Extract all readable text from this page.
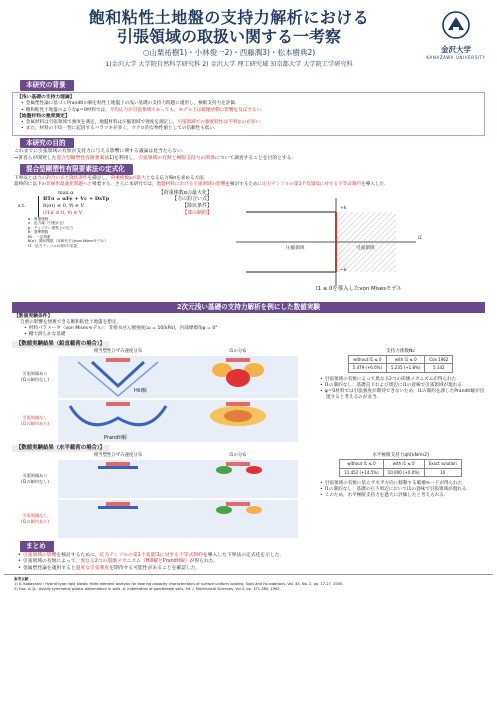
飽和粘性土地盤の支持力解析における
引張領域の取扱い関する一考察
○山栗祐樹1)・小林俊一2)・西藤潤3)・松本樹典2)
1)金沢大学 大学院自然科学研究科 2) 金沢大学 理工研究域 3)京都大学 大学院工学研究科
金沢大学
KANAZAWA UNIVERSITY
本研究の背景
【浅い基礎の支持力理論】
• 金属塑性論に基づくPrandtlの解を粘性土地盤上の浅い基礎の支持力問題に適用し，極限支持力を評価．
• 飽和粘性土地盤のようなφ＝0材料では，平均応力が引張領域であっても，モデル上は破壊挙動に影響を及ぼさない．
【地盤材料の強度測定】
• 金属材料は引張領域で強度を測定，地盤材料は圧縮領域で強度を測定し，引張領域での強度特性は不明なのが多い．
• また，材料の不均一性に起因するバラツキが多く，マクロ的な物性値としての信頼性も低い．
本研究の目的
これまでに引張領域の有無が支持力に与える影響に関する議論は見当たらない．
⇒著者らが開発した混合型剛塑性有限要素法1)を利用し，引張領域の有無と極限支持力の関係について調査することを目的とする．
混合型剛塑性有限要素法の定式化
下界法とは力の釣合い式と降伏条件を満足し，荷重係数αが最大となる応力場σを求める方法．
最終的に以下の非線形最適化問題へと帰着する．さらに本研究では，地盤材料における引張領域の影響を検討するために応力テンソルの第1不変量I1に対する不等式制約を導入した．
max α	【荷重係数αの最大化】
s.t.
BTσ = αFe + Vc + DsTp	【力の釣合い式】
fi(σi) ≤ 0, ∀i ∈ V	【降伏条件】
(I1)i ≤ 0, ∀i ∈ V	【I1の制約】
α：荷重係数
σ：応力場（引張が正）
p：ディリクレ境界上の反力
fi：基準関数
Fe：一定荷重
fi(σ)：降伏関数（本研究ではvon Misesモデル）
I1：応力テンソルの第1不変量
+k
−k
圧縮領域	引張領域
I1
I1 ≤ 0を導入したvon Misesモデル
2次元浅い基礎の支持力解析を例にした数値実験
【数値実験条件】
自重の影響を無視できる飽和粘性土地盤を想定，
• 材料パラメータ（von Misesモデル）：非排水せん断強度cu = 10[kPa]，内部摩擦角φ = 0°
• 剛で滑らかな基礎
【数値実験結果（鉛直載荷の場合）】
相当塑性ひずみ速度分布	I1の分布
引張領域あり
(I1の制約なし)
Hill解
引張領域なし
(I1の制約あり)
Prandtl解
支持力係数Nc
without I1 ≤ 0	with I1 ≤ 0	Cox 1962
5.479 (+6.6%)	5.235 (+1.8%)	5.142
• 引張領域の有無によって異なる2つの崩壊メカニズムが得られた．
• I1の制約なし：基礎直下および周辺にI1の意味で引張領域が現れる．
• φ＝0材料では引張強度が期待できないため，I1の制約を課したPrandtl解が出現すると考えるのが妥当．
【数値実験結果（水平載荷の場合）】
相当塑性ひずみ速度分布	I1の分布
引張領域あり
(I1の制約なし)
引張領域なし
(I1の制約あり)
水平極限支持力qh[kN/m2]
without I1 ≤ 0	with I1 ≤ 0	Exact solution
11.452 (+14.5%)	10.000 (+0.0%)	10
• 引張領域の有無に依らず水平方向に移動する破壊モードが得られた．
• I1の制約なし：基礎の右下周辺においてI1の意味で引張領域が現れる．
• このため，水平極限支持力を過大に評価したと考えられる．
まとめ
• 引張領域の影響を検討するために，応力テンソルの第1不変量I1に対する不等式制約を導入した下界法の定式化を示した．
• 引張領域の有無によって，異なる2つの崩壊メカニズム（Hill解とPrandtl解）が得られた．
• 金属塑性論を適用すると過度な引張強度を期待する可能性があることを確認した．
参考文献
1) S. Kobayashi : Hybrid type rigid plastic finite element analysis for bearing capacity characteristics of surface uniform loading, Soils and Foundations, Vol. 45, No. 2, pp. 17-27, 2005.
2) Cox, A. D.: Axially symmetric plastic deformation in soils -II- indentation of ponderable soils, Int. J. Mechanical Sciences, Vol.4, pp. 371-380, 1962.
